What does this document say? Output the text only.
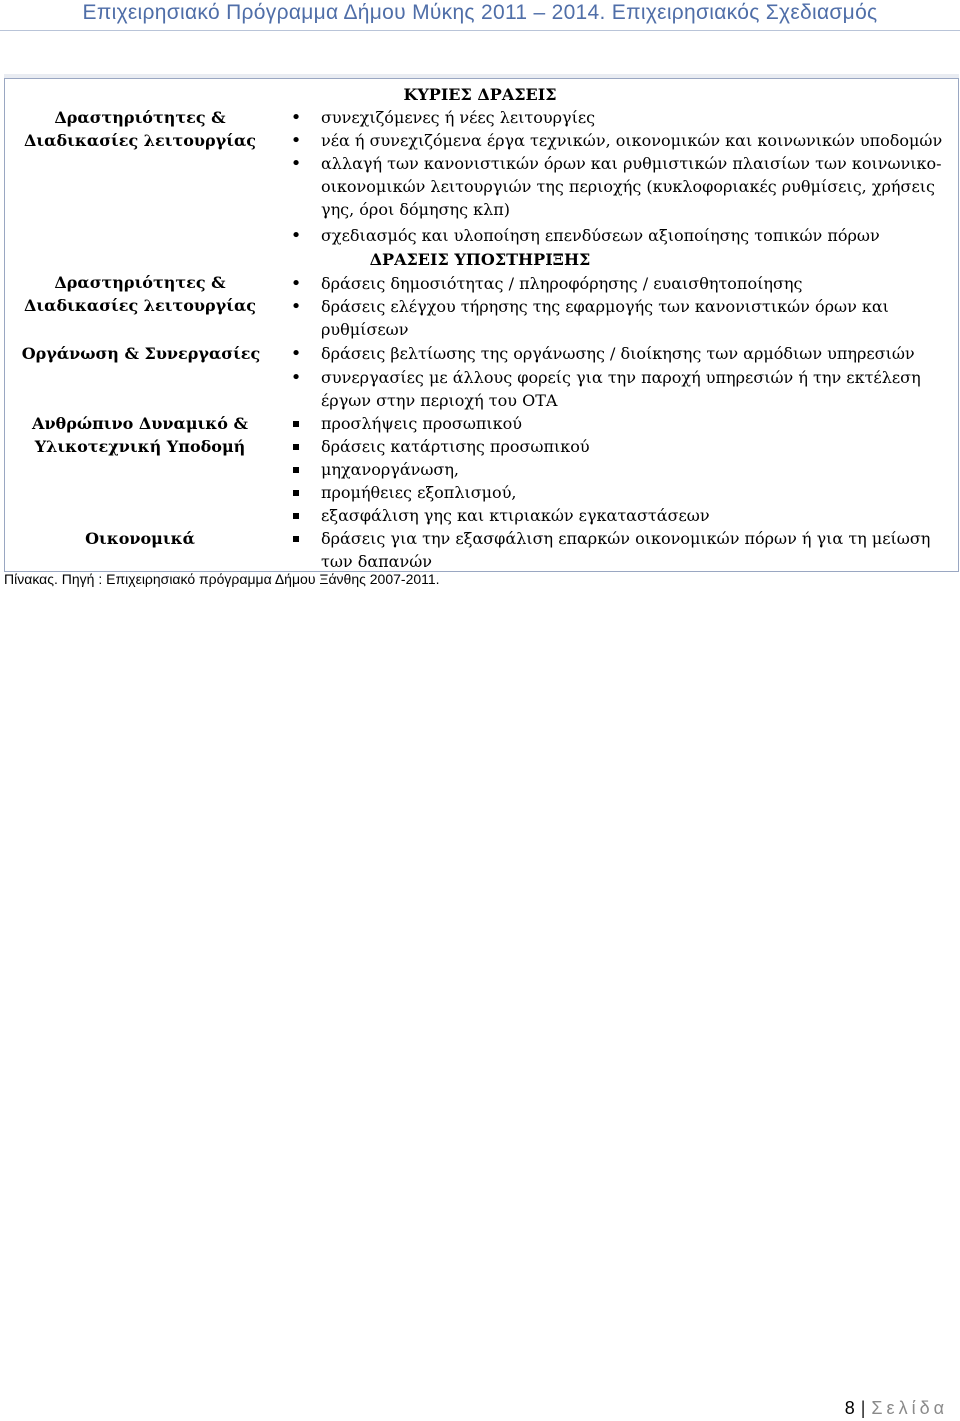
Επιχειρησιακό Πρόγραμμα Δήμου Μύκης 2011 – 2014. Επιχειρησιακός Σχεδιασμός
ΚΥΡΙΕΣ ΔΡΑΣΕΙΣ
Δραστηριότητες &
Διαδικασίες λειτουργίας
•
συνεχιζόμενες ή νέες λειτουργίες
•
νέα ή συνεχιζόμενα έργα τεχνικών, οικονομικών και κοινωνικών υποδομών
•
αλλαγή των κανονιστικών όρων και ρυθμιστικών πλαισίων των κοινωνικο-οικονομικών λειτουργιών της περιοχής (κυκλοφοριακές ρυθμίσεις, χρήσεις γης, όροι δόμησης κλπ)
•
σχεδιασμός και υλοποίηση επενδύσεων αξιοποίησης τοπικών πόρων
ΔΡΑΣΕΙΣ ΥΠΟΣΤΗΡΙΞΗΣ
Δραστηριότητες &
Διαδικασίες λειτουργίας
•
δράσεις δημοσιότητας / πληροφόρησης / ευαισθητοποίησης
•
δράσεις ελέγχου τήρησης της εφαρμογής των κανονιστικών όρων και ρυθμίσεων
Οργάνωση & Συνεργασίες
•	δράσεις βελτίωσης της οργάνωσης / διοίκησης των αρμόδιων υπηρεσιών
•
συνεργασίες με άλλους φορείς για την παροχή υπηρεσιών ή την εκτέλεση έργων στην περιοχή του ΟΤΑ
Ανθρώπινο Δυναμικό &
Υλικοτεχνική Υποδομή
προσλήψεις προσωπικού
δράσεις κατάρτισης προσωπικού
μηχανοργάνωση,
προμήθειες εξοπλισμού,
εξασφάλιση γης και κτιριακών εγκαταστάσεων
Οικονομικά	δράσεις για την εξασφάλιση επαρκών οικονομικών πόρων ή για τη μείωση των δαπανών
Πίνακας. Πηγή : Επιχειρησιακό πρόγραμμα Δήμου Ξάνθης 2007-2011.
8 | Σελίδα
